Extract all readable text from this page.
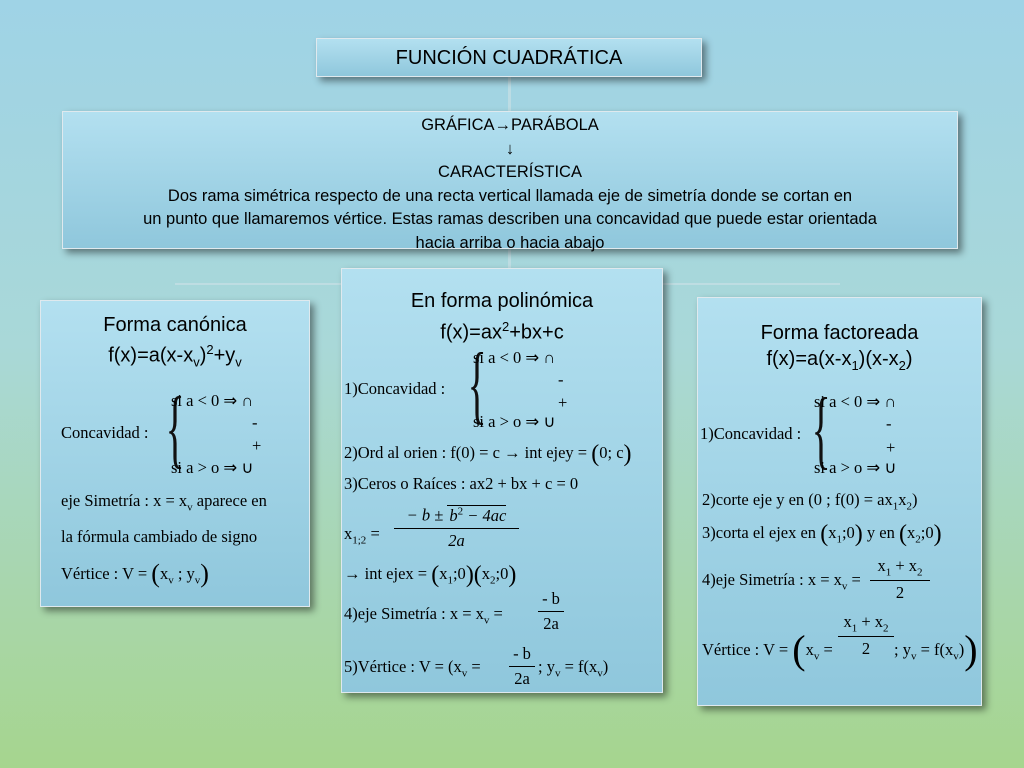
FUNCIÓN CUADRÁTICA
GRÁFICA→PARÁBOLA
↓
CARACTERÍSTICA
Dos rama simétrica respecto de una recta vertical llamada eje de simetría donde se cortan en
un punto que llamaremos vértice. Estas ramas describen una concavidad que puede estar orientada
hacia arriba o hacia abajo
Forma canónica
$f(x)=a(x-x_v)^2+y_v$
Concavidad : {
si a < 0 ⇒ ∩
-
+
si a > o ⇒ ∪
eje Simetría : $x = x_v$ aparece en
la fórmula cambiado de signo
Vértice : $V = (x_v$ ; $y_v$)
En forma polinómica
$f(x)=ax^2+bx+c$
1)Concavidad : {
si a < 0 ⇒ ∩
-
+
si a > o ⇒ ∪
2)Ord al orien : f(0) = c → int ejey = (0; c)
3)Ceros o Raíces : ax2 + bx + c = 0
$x_{1;2}$ =
− $b \pm b^2 - 4ac$
2a
→ int ejex = $(x_1;0)(x_2;0)$
4)eje Simetría : $x = x_v$ =
- b
2a
5)Vértice : $V = (x_v$ =
- b
2a
; $y_v = f(x_v)$
Forma factoreada
$f(x)=a(x-x_1)(x-x_2)$
1)Concavidad : {
si a < 0 ⇒ ∩
-
+
si a > o ⇒ ∪
2)corte eje y en (0 ; $f(0) = ax_1x_2$)
3)corta el ejex en $(x_1;0)$ y en $(x_2;0)$
4)eje Simetría : $x = x_v$ =
$x_1 + x_2$
2
Vértice : $V = (x_v$ =
$x_1 + x_2$
2	; $y_v = f(x_v)$)
